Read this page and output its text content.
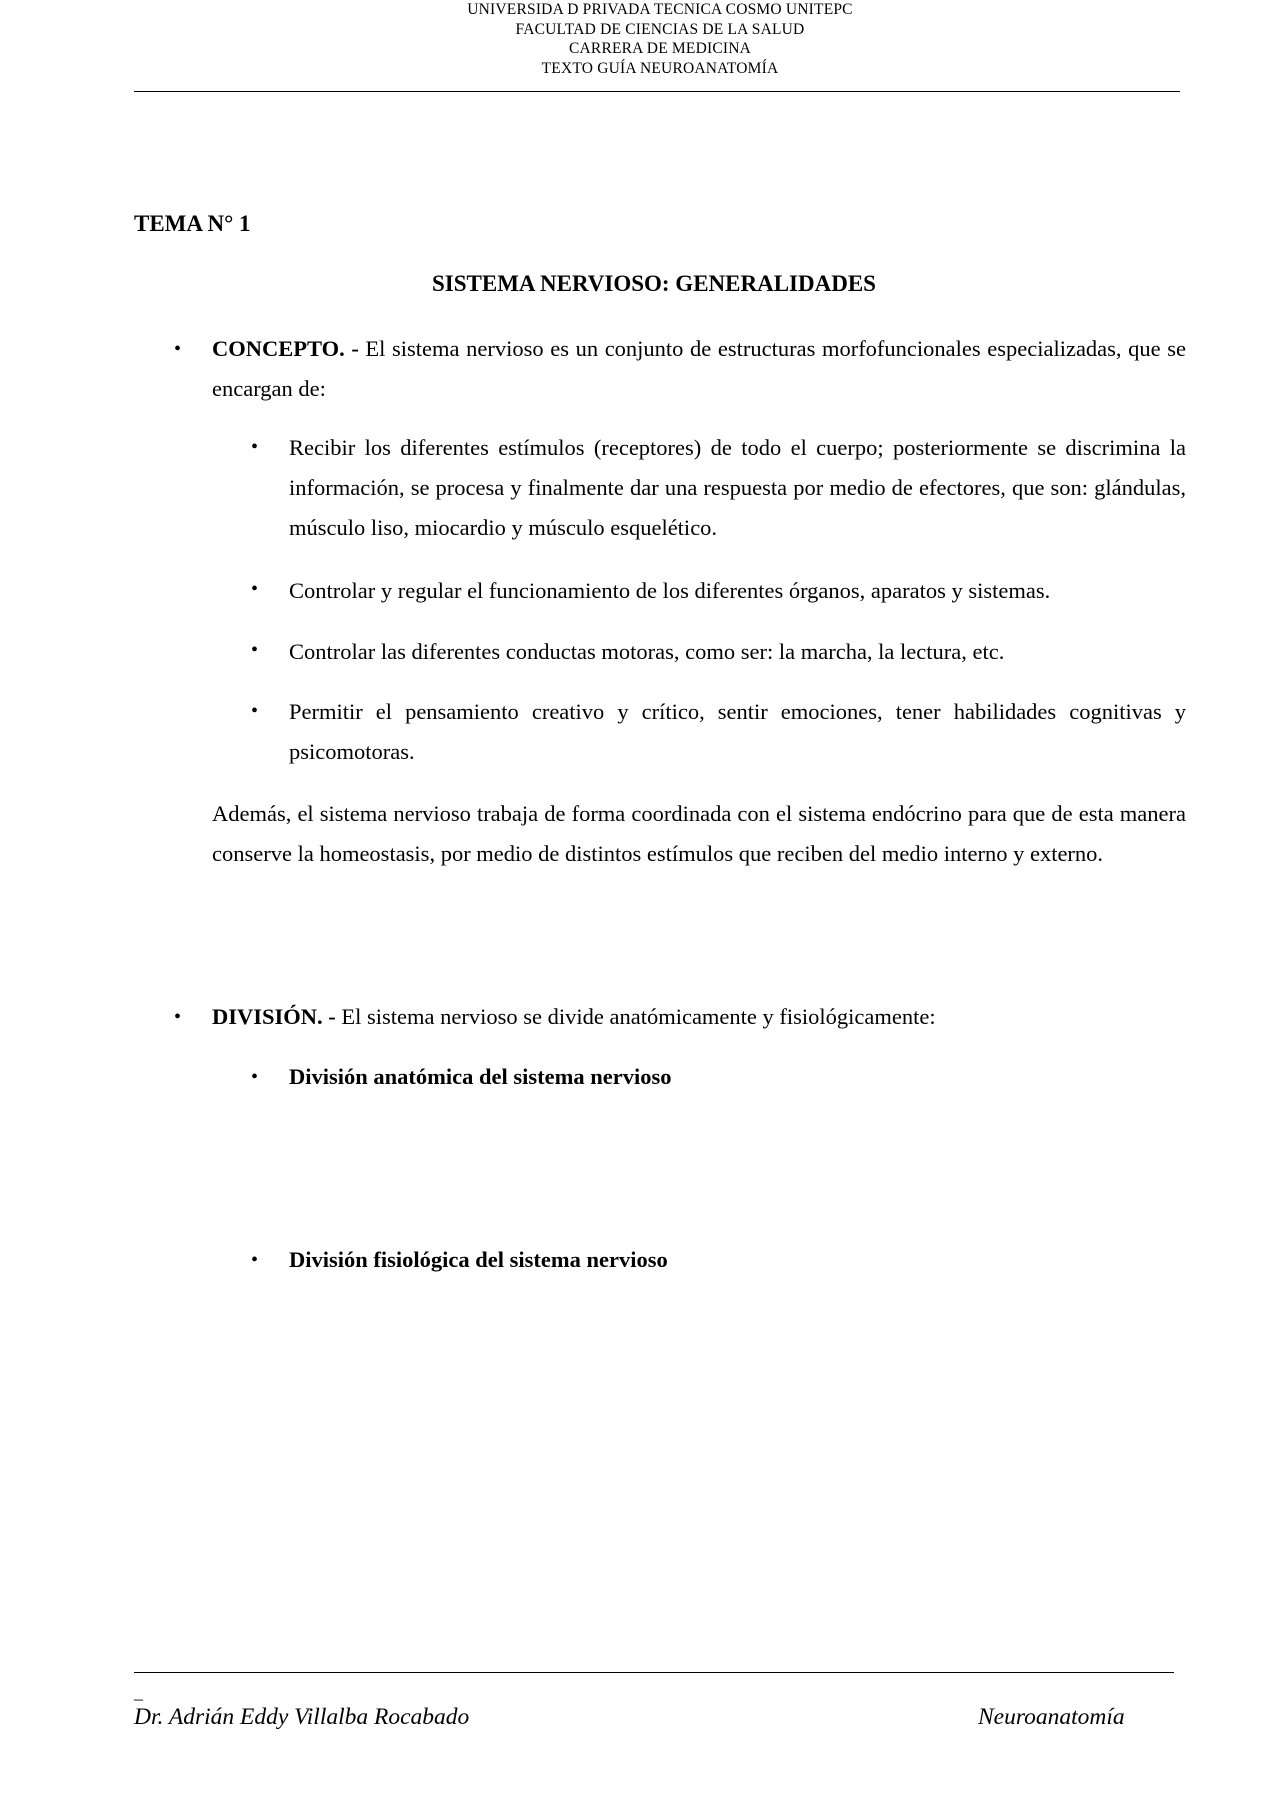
UNIVERSIDA D PRIVADA TECNICA COSMO UNITEPC
FACULTAD DE CIENCIAS DE LA SALUD
CARRERA DE MEDICINA
TEXTO GUÍA NEUROANATOMÍA
TEMA N° 1
SISTEMA NERVIOSO: GENERALIDADES
• CONCEPTO. - El sistema nervioso es un conjunto de estructuras morfofuncionales especializadas, que se encargan de:
• Recibir los diferentes estímulos (receptores) de todo el cuerpo; posteriormente se discrimina la información, se procesa y finalmente dar una respuesta por medio de efectores, que son: glándulas, músculo liso, miocardio y músculo esquelético.
• Controlar y regular el funcionamiento de los diferentes órganos, aparatos y sistemas.
• Controlar las diferentes conductas motoras, como ser: la marcha, la lectura, etc.
• Permitir el pensamiento creativo y crítico, sentir emociones, tener habilidades cognitivas y psicomotoras.
Además, el sistema nervioso trabaja de forma coordinada con el sistema endócrino para que de esta manera conserve la homeostasis, por medio de distintos estímulos que reciben del medio interno y externo.
• DIVISIÓN. - El sistema nervioso se divide anatómicamente y fisiológicamente:
• División anatómica del sistema nervioso
• División fisiológica del sistema nervioso
_
Dr. Adrián Eddy Villalba Rocabado	Neuroanatomía
